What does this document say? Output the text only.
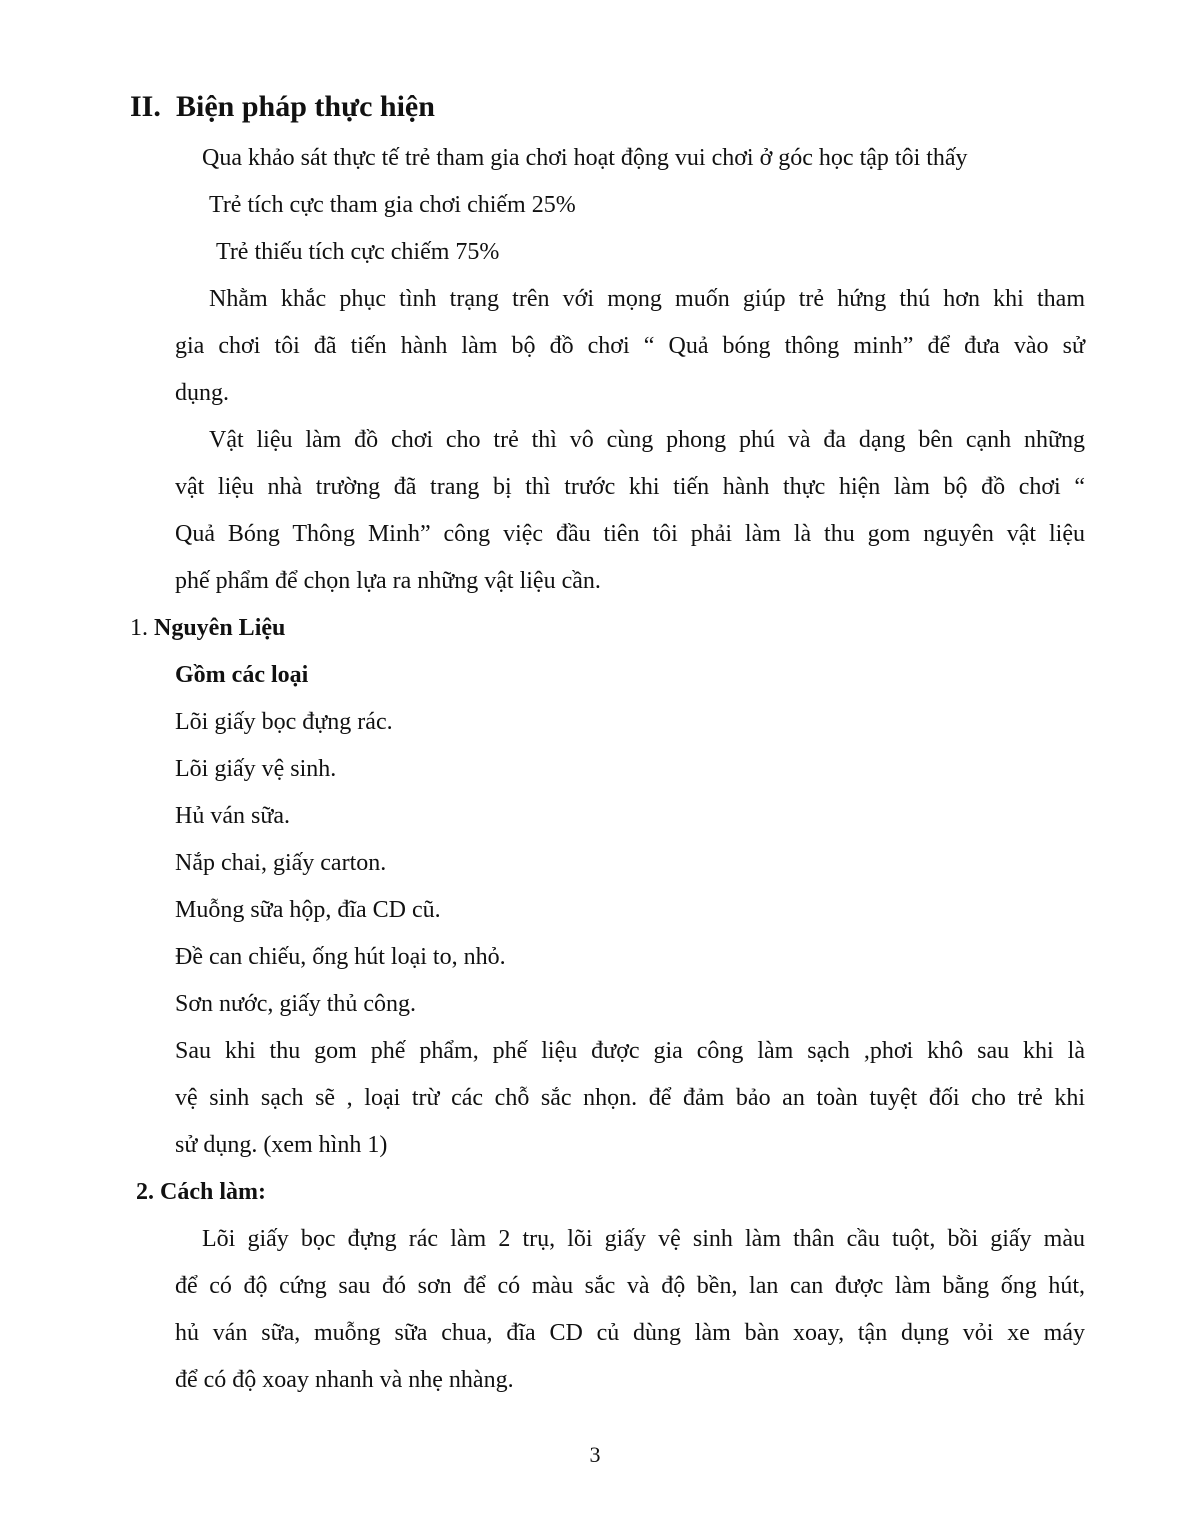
II. Biện pháp thực hiện
Qua khảo sát thực tế trẻ tham gia chơi hoạt động vui chơi ở góc học tập tôi thấy
Trẻ tích cực tham gia chơi chiếm 25%
Trẻ thiếu tích cực chiếm 75%
Nhằm khắc phục tình trạng trên với mọng muốn giúp trẻ hứng thú hơn khi tham
gia chơi tôi đã tiến hành làm bộ đồ chơi “ Quả bóng thông minh” để đưa vào sử
dụng.
Vật liệu làm đồ chơi cho trẻ thì vô cùng phong phú và đa dạng bên cạnh những
vật liệu nhà trường đã trang bị thì trước khi tiến hành thực hiện làm bộ đồ chơi “
Quả Bóng Thông Minh” công việc đầu tiên tôi phải làm là thu gom nguyên vật liệu
phế phẩm để chọn lựa ra những vật liệu cần.
1. Nguyên Liệu
Gồm các loại
Lõi giấy bọc đựng rác.
Lõi giấy vệ sinh.
Hủ ván sữa.
Nắp chai, giấy carton.
Muỗng sữa hộp, đĩa CD cũ.
Đề can chiếu, ống hút loại to, nhỏ.
Sơn nước, giấy thủ công.
Sau khi thu gom phế phẩm, phế liệu được gia công làm sạch ,phơi khô sau khi là
vệ sinh sạch sẽ , loại trừ các chỗ sắc nhọn. để đảm bảo an toàn tuyệt đối cho trẻ khi
sử dụng. (xem hình 1)
2. Cách làm:
Lõi giấy bọc đựng rác làm 2 trụ, lõi giấy vệ sinh làm thân cầu tuột, bồi giấy màu
để có độ cứng sau đó sơn để có màu sắc và độ bền, lan can được làm bằng ống hút,
hủ ván sữa, muỗng sữa chua, đĩa CD củ dùng làm bàn xoay, tận dụng vỏi xe máy
để có độ xoay nhanh và nhẹ nhàng.
3
